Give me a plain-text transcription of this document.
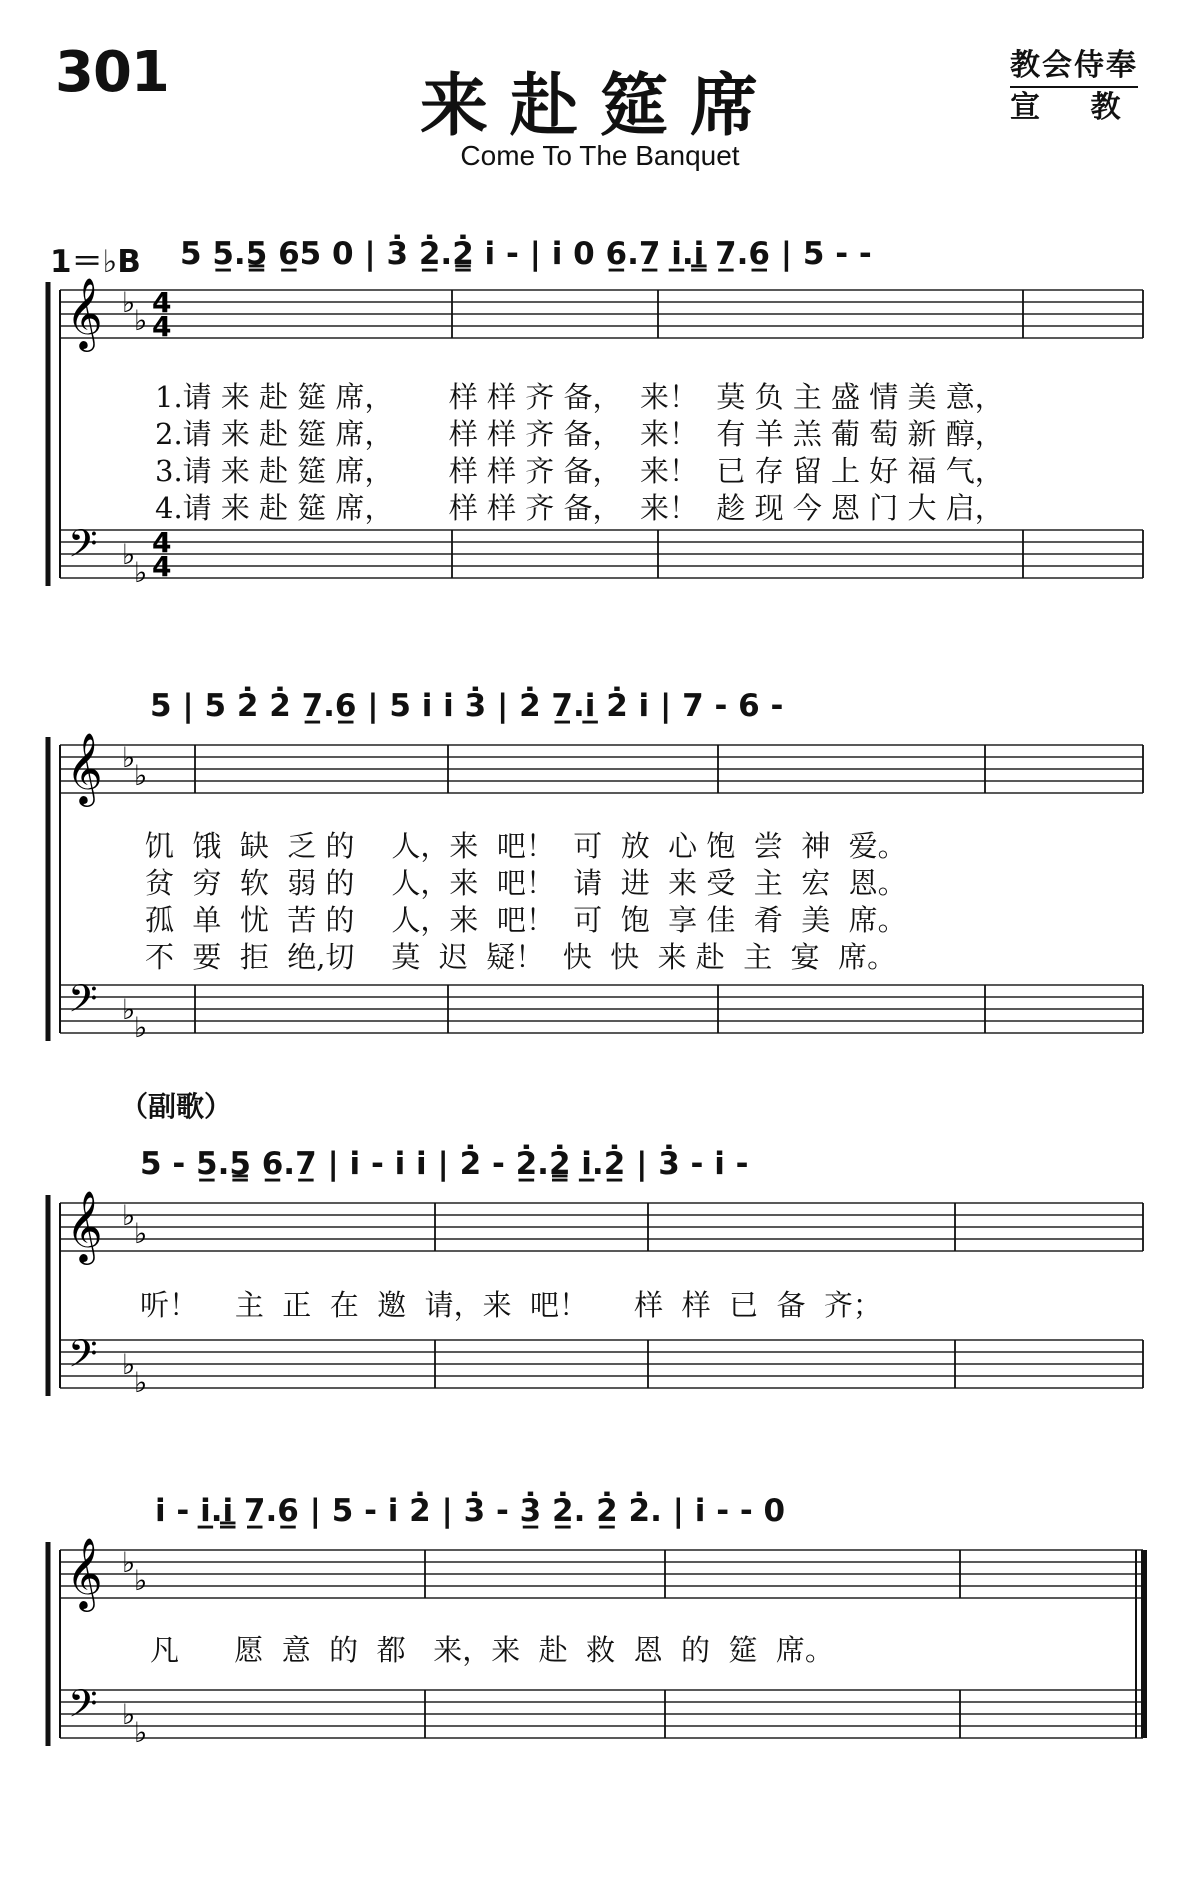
301	来赴筵席
Come To The Banquet
教会侍奉
宣 教
𝄞
𝄢
♭
♭
♭
♭
4
4
4
4
𝄞
𝄢
♭
♭
♭
♭
𝄞
𝄢
♭
♭
♭
♭
𝄞
𝄢
♭
♭
♭
♭
1＝♭B 5 5̲.5̳ 6̲5 0 | 3̇ 2̲̇.2̳̇ i - | i 0 6̲.7̲ i̲.i̳ 7̲.6̲ | 5 - -
1.请 来 赴 筵 席，      样 样 齐 备，  来！  莫 负 主 盛 情 美 意，
2.请 来 赴 筵 席，      样 样 齐 备，  来！  有 羊 羔 葡 萄 新 醇，
3.请 来 赴 筵 席，      样 样 齐 备，  来！  已 存 留 上 好 福 气，
4.请 来 赴 筵 席，      样 样 齐 备，  来！  趁 现 今 恩 门 大 启，
5 | 5 2̇ 2̇ 7̲.6̲ | 5 i i 3̇ | 2̇ 7̲.i̲ 2̇ i | 7 - 6 -
饥  饿  缺  乏 的    人，来  吧！  可  放  心 饱  尝  神  爱。
贫  穷  软  弱 的    人，来  吧！  请  进  来 受  主  宏  恩。
孤  单  忧  苦 的    人，来  吧！  可  饱  享 佳  肴  美  席。
不  要  拒  绝,切    莫  迟  疑！  快  快  来 赴  主  宴  席。
（副歌）
5 - 5̲.5̳ 6̲.7̲ | i - i i | 2̇ - 2̲̇.2̳̇ i̲.2̲̇ | 3̇ - i -
听！    主  正  在  邀  请，来  吧！     样  样  已  备  齐；
i - i̲.i̳ 7̲.6̲ | 5 - i 2̇ | 3̇ - 3̲̇ 2̲̇. 2̲̇ 2̇. | i - - 0
凡      愿  意  的  都   来，来  赴  救  恩  的  筵  席。
